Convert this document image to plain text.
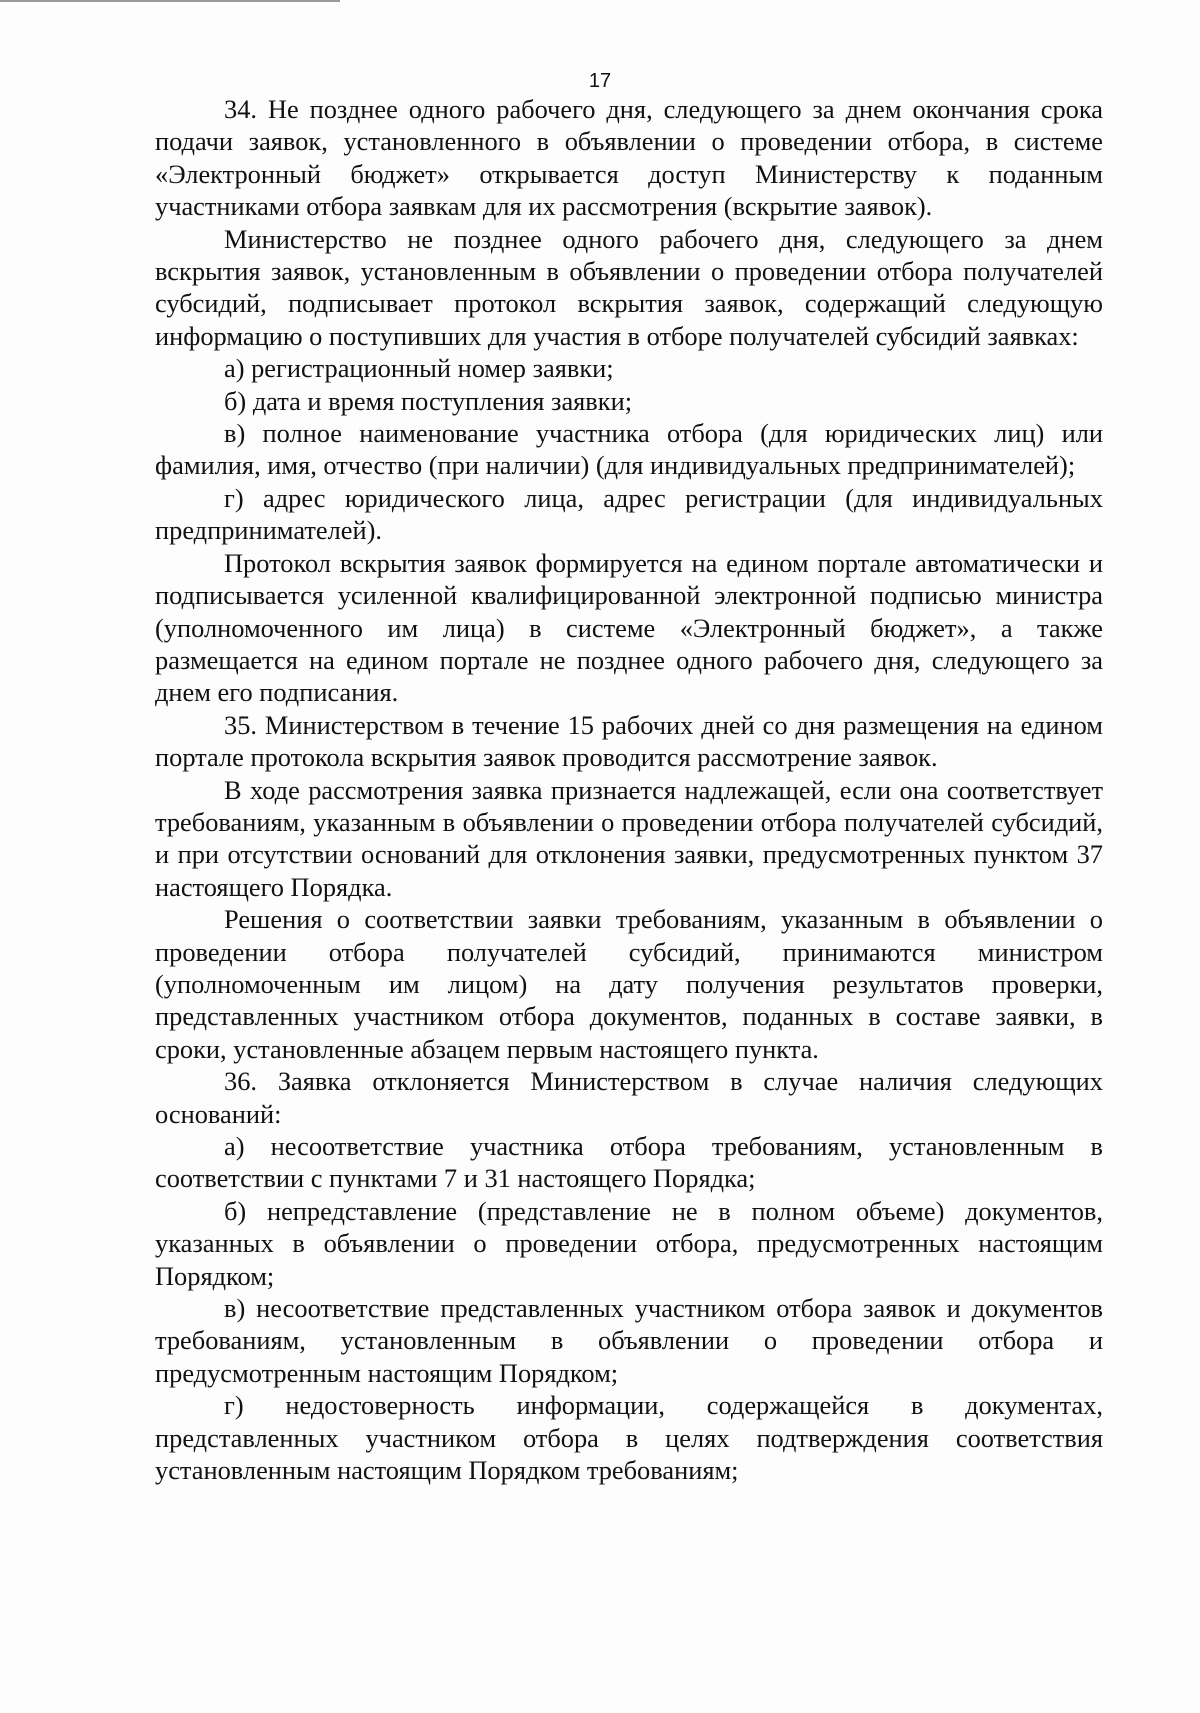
17

34. Не позднее одного рабочего дня, следующего за днем окончания срока подачи заявок, установленного в объявлении о проведении отбора, в системе «Электронный бюджет» открывается доступ Министерству к поданным участниками отбора заявкам для их рассмотрения (вскрытие заявок).

Министерство не позднее одного рабочего дня, следующего за днем вскрытия заявок, установленным в объявлении о проведении отбора получателей субсидий, подписывает протокол вскрытия заявок, содержащий следующую информацию о поступивших для участия в отборе получателей субсидий заявках:

а) регистрационный номер заявки;

б) дата и время поступления заявки;

в) полное наименование участника отбора (для юридических лиц) или фамилия, имя, отчество (при наличии) (для индивидуальных предпринимателей);

г) адрес юридического лица, адрес регистрации (для индивидуальных предпринимателей).

Протокол вскрытия заявок формируется на едином портале автоматически и подписывается усиленной квалифицированной электронной подписью министра (уполномоченного им лица) в системе «Электронный бюджет», а также размещается на едином портале не позднее одного рабочего дня, следующего за днем его подписания.

35. Министерством в течение 15 рабочих дней со дня размещения на едином портале протокола вскрытия заявок проводится рассмотрение заявок.

В ходе рассмотрения заявка признается надлежащей, если она соответствует требованиям, указанным в объявлении о проведении отбора получателей субсидий, и при отсутствии оснований для отклонения заявки, предусмотренных пунктом 37 настоящего Порядка.

Решения о соответствии заявки требованиям, указанным в объявлении о проведении отбора получателей субсидий, принимаются министром (уполномоченным им лицом) на дату получения результатов проверки, представленных участником отбора документов, поданных в составе заявки, в сроки, установленные абзацем первым настоящего пункта.

36. Заявка отклоняется Министерством в случае наличия следующих оснований:

а) несоответствие участника отбора требованиям, установленным в соответствии с пунктами 7 и 31 настоящего Порядка;

б) непредставление (представление не в полном объеме) документов, указанных в объявлении о проведении отбора, предусмотренных настоящим Порядком;

в) несоответствие представленных участником отбора заявок и документов требованиям, установленным в объявлении о проведении отбора и предусмотренным настоящим Порядком;

г) недостоверность информации, содержащейся в документах, представленных участником отбора в целях подтверждения соответствия установленным настоящим Порядком требованиям;
